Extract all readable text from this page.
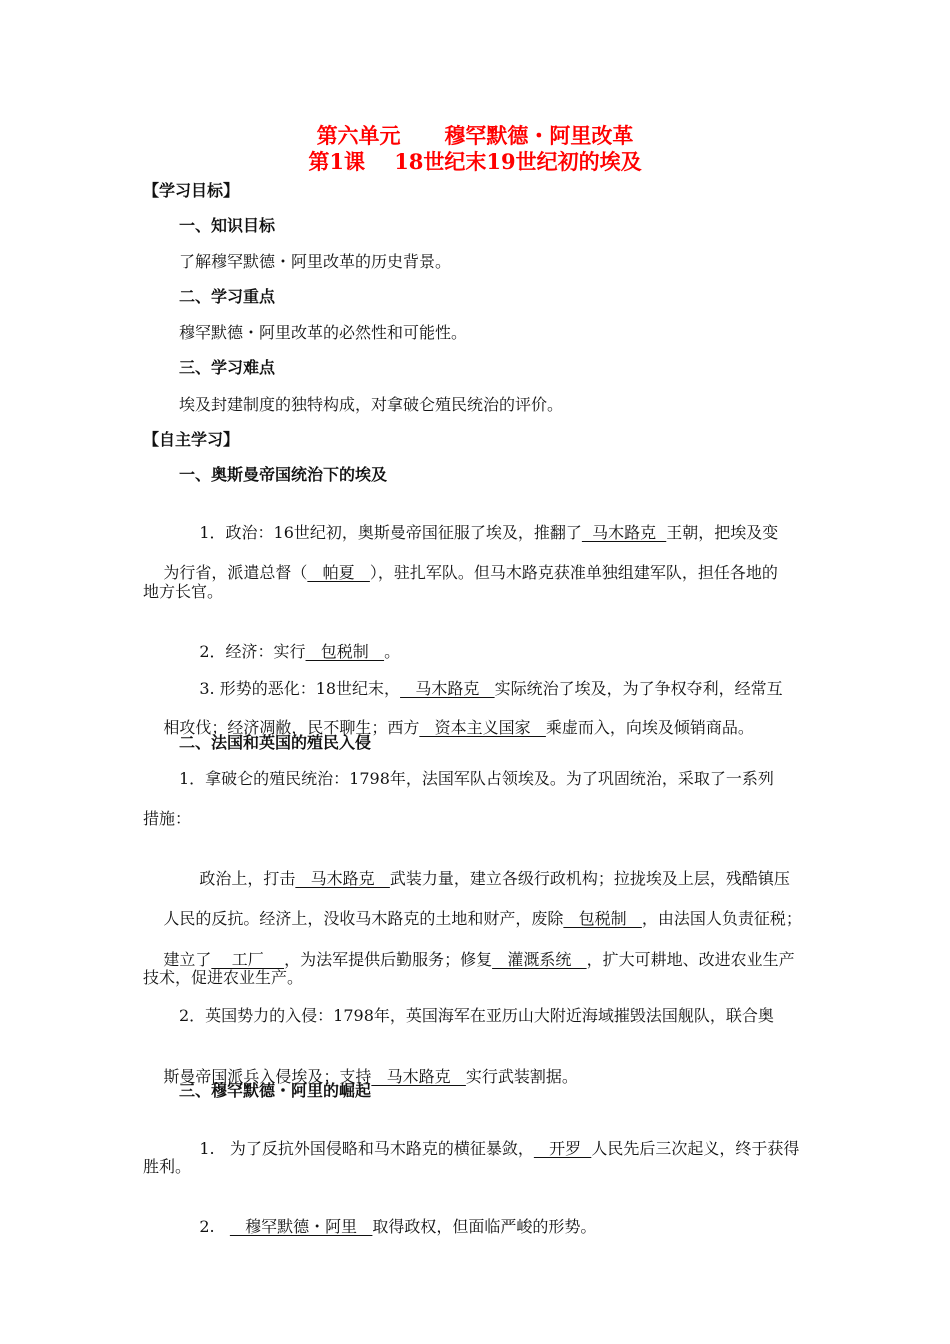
第六单元      穆罕默德・阿里改革
第1课    18世纪末19世纪初的埃及
【学习目标】
一、知识目标
了解穆罕默德・阿里改革的历史背景。
二、学习重点
穆罕默德・阿里改革的必然性和可能性。
三、学习难点
埃及封建制度的独特构成，对拿破仑殖民统治的评价。
【自主学习】
一、奥斯曼帝国统治下的埃及

1．政治：16世纪初，奥斯曼帝国征服了埃及，推翻了  马木路克  王朝，把埃及变

为行省，派遣总督（   帕夏   ），驻扎军队。但马木路克获准单独组建军队，担任各地的

地方长官。

2．经济：实行   包税制   。

3. 形势的恶化：18世纪末，   马木路克   实际统治了埃及，为了争权夺利，经常互

相攻伐；经济凋敝，民不聊生；西方   资本主义国家   乘虚而入，向埃及倾销商品。

二、法国和英国的殖民入侵
1．拿破仑的殖民统治：1798年，法国军队占领埃及。为了巩固统治，采取了一系列
措施：

政治上，打击   马木路克   武装力量，建立各级行政机构；拉拢埃及上层，残酷镇压

人民的反抗。经济上，没收马木路克的土地和财产，废除   包税制   ，由法国人负责征税；

建立了    工厂    ，为法军提供后勤服务；修复   灌溉系统   ，扩大可耕地、改进农业生产

技术，促进农业生产。
2．英国势力的入侵：1798年，英国海军在亚历山大附近海域摧毁法国舰队，联合奥

斯曼帝国派兵入侵埃及；支持   马木路克   实行武装割据。

三、穆罕默德・阿里的崛起

1.   为了反抗外国侵略和马木路克的横征暴敛，   开罗  人民先后三次起义，终于获得

胜利。

2.      穆罕默德・阿里   取得政权，但面临严峻的形势。
